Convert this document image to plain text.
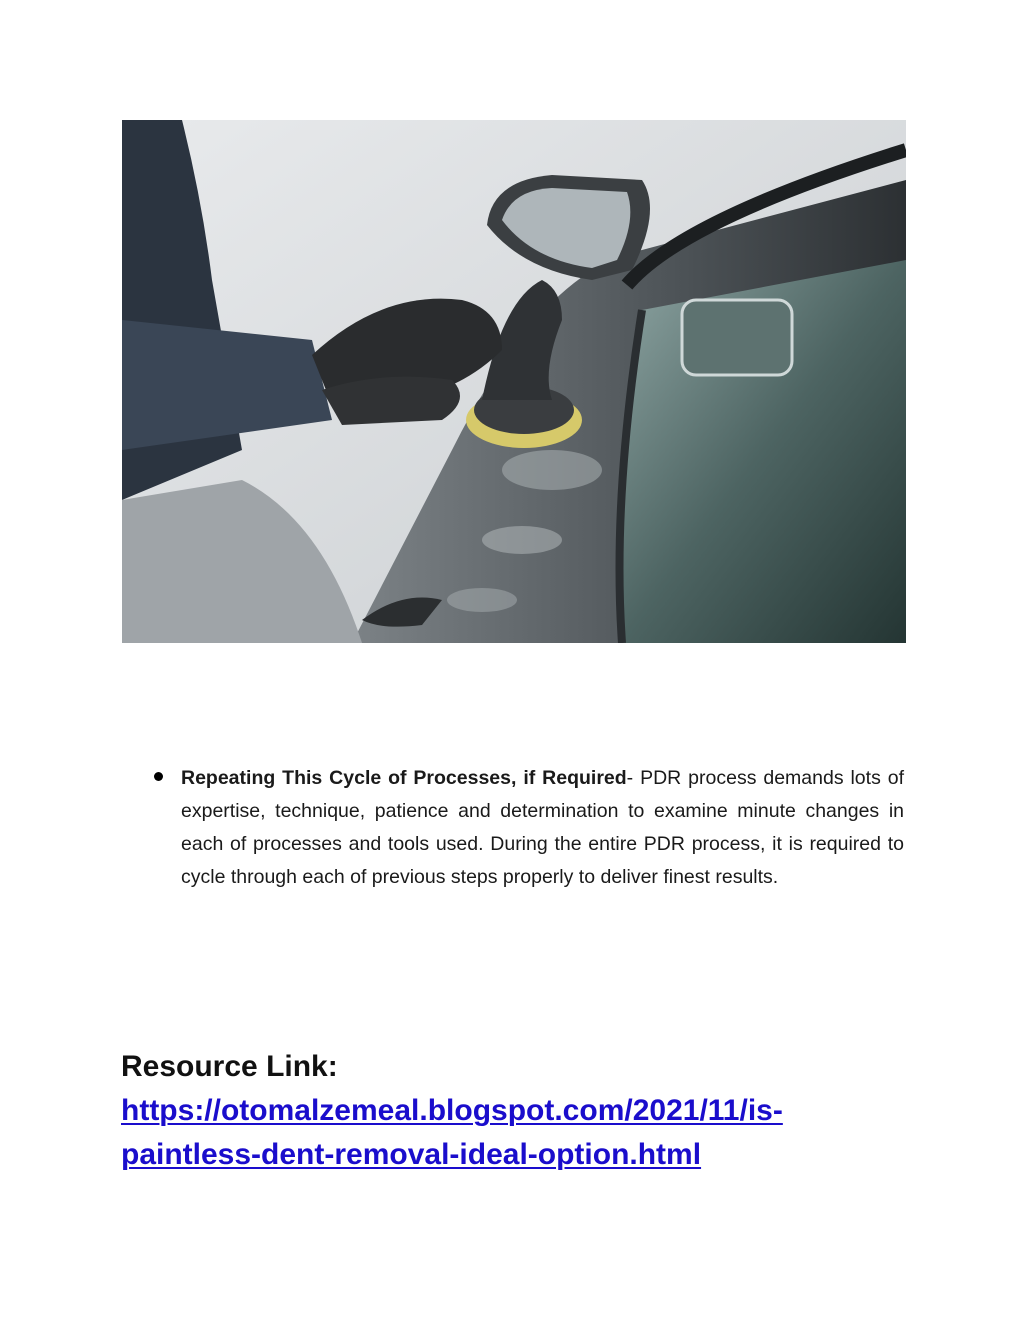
Repeating This Cycle of Processes, if Required- PDR process demands lots of expertise, technique, patience and determination to examine minute changes in each of processes and tools used. During the entire PDR process, it is required to cycle through each of previous steps properly to deliver finest results.
Resource Link:
https://otomalzemeal.blogspot.com/2021/11/is-
paintless-dent-removal-ideal-option.html
